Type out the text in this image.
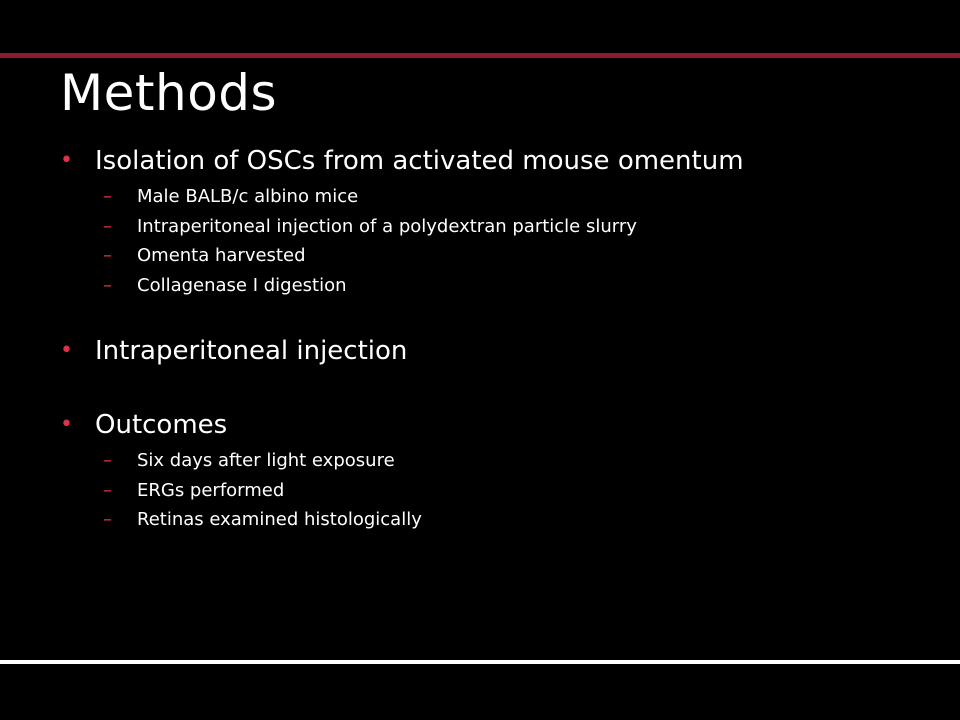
Methods
• Isolation of OSCs from activated mouse omentum
– Male BALB/c albino mice
– Intraperitoneal injection of a polydextran particle slurry
– Omenta harvested
– Collagenase I digestion
• Intraperitoneal injection
• Outcomes
– Six days after light exposure
– ERGs performed
– Retinas examined histologically
